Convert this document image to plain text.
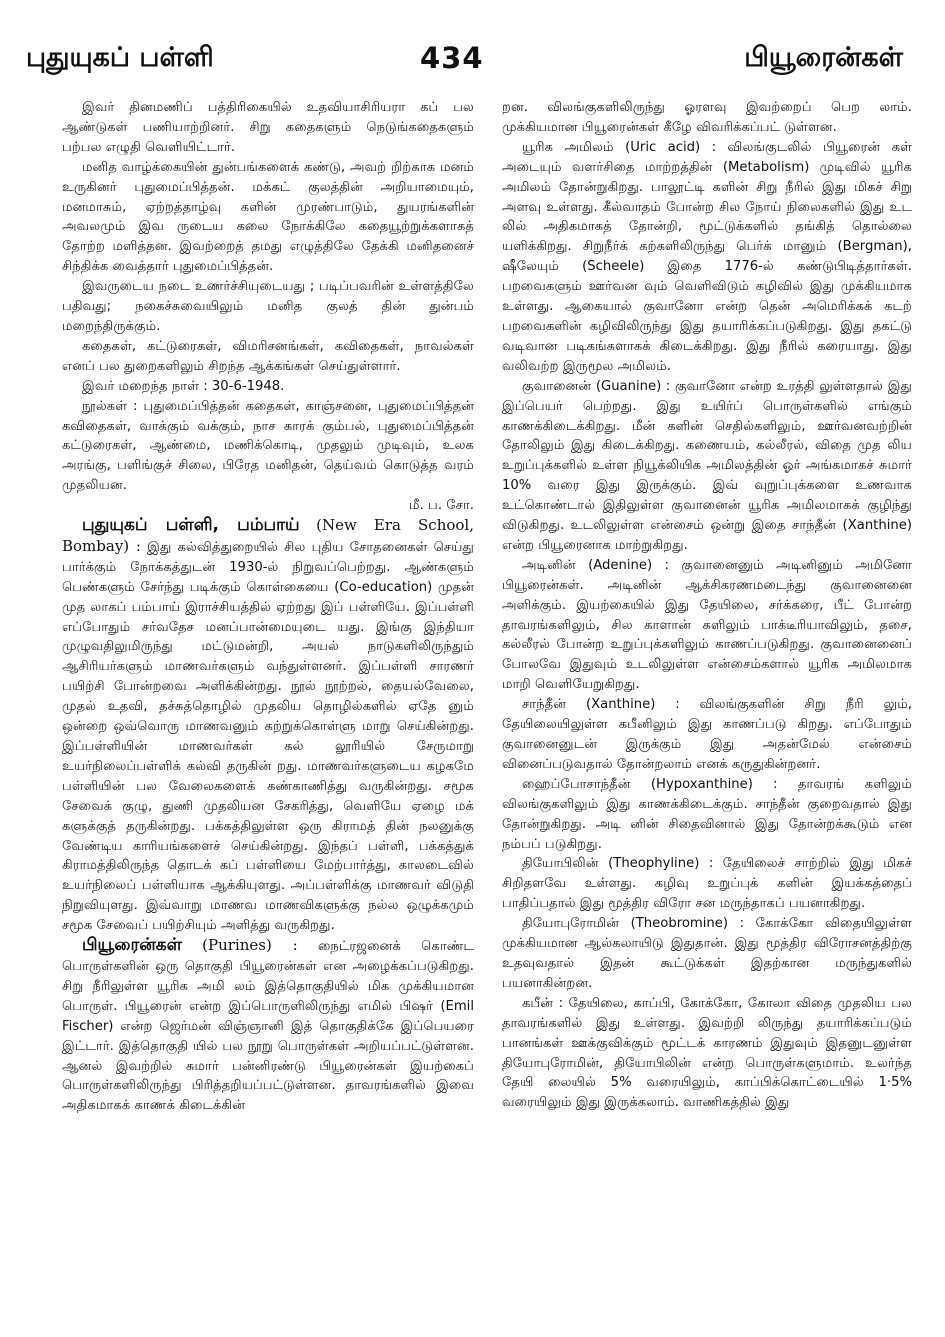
புதுயுகப் பள்ளி	434	பியூரைன்கள்

இவர் தினமணிப் பத்திரிகையில் உதவியாசிரியரா கப் பல ஆண்டுகள் பணியாற்றினர். சிறு கதைகளும் நெடுங்கதைகளும் பற்பல எழுதி வெளியிட்டார்.

மனித வாழ்க்கையின் துன்பங்களைக் கண்டு, அவற் றிற்காக மனம் உருகினர் புதுமைப்பித்தன். மக்கட் குலத்தின் அறியாமையும், மனமாசும், ஏற்றத்தாழ்வு களின் முரண்பாடும், துயரங்களின் அவலமும் இவ ருடைய கலை நோக்கிலே கதையூற்றுக்களாகத் தோற்ற மளித்தன. இவற்றைத் தமது எழுத்திலே தேக்கி மனிதனைச் சிந்திக்க வைத்தார் புதுமைப்பித்தன்.

இவருடைய நடை உணர்ச்சியுடையது ; படிப்பவரின் உள்ளத்திலே பதிவது; நகைச்சுவையிலும் மனித குலத் தின் துன்பம் மறைந்திருக்கும்.

கதைகள், கட்டுரைகள், விமரிசனங்கள், கவிதைகள், நாவல்கள் எனப் பல துறைகளிலும் சிறந்த ஆக்கங்கள் செய்துள்ளார்.

இவர் மறைந்த நாள் : 30-6-1948.

நூல்கள் : புதுமைப்பித்தன் கதைகள், காஞ்சனை, புதுமைப்பித்தன் கவிதைகள், வாக்கும் வக்கும், நாச காரக் கும்பல், புதுமைப்பித்தன் கட்டுரைகள், ஆண்மை, மணிக்கொடி, முதலும் முடிவும், உலக அரங்கு, பளிங்குச் சிலை, பிரேத மனிதன், தெய்வம் கொடுத்த வரம் முதலியன.

மீ. ப. சோ.

புதுயுகப் பள்ளி, பம்பாய் (New Era School, Bombay) : இது கல்வித்துறையில் சில புதிய சோதனைகள் செய்து பார்க்கும் நோக்கத்துடன் 1930-ல் நிறுவப்பெற்றது. ஆண்களும் பெண்களும் சேர்ந்து படிக்கும் கொள்கையை (Co-education) முதன் முத லாகப் பம்பாய் இராச்சியத்தில் ஏற்றது இப் பள்ளியே. இப்பள்ளி எப்போதும் சர்வதேச மனப்பான்மையுடை யது. இங்கு இந்தியா முழுவதிலுமிருந்து மட்டுமன்றி, அயல் நாடுகளிலிருந்தும் ஆசிரியர்களும் மாணவர்களும் வந்துள்ளனர். இப்பள்ளி சாரணர் பயிற்சி போன்றவை அளிக்கின்றது. நூல் நூற்றல், தையல்வேலை, முதல் உதவி, தச்சுத்தொழில் முதலிய தொழில்களில் ஏதே னும் ஒன்றை ஒவ்வொரு மாணவனும் கற்றுக்கொள்ளு மாறு செய்கின்றது. இப்பள்ளியின் மாணவர்கள் கல் லூரியில் சேருமாறு உயர்நிலைப்பள்ளிக் கல்வி தருகின் றது. மாணவர்களுடைய கழகமே பள்ளியின் பல வேலைகளைக் கண்காணித்து வருகின்றது. சமூக சேவைக் குழு, துணி முதலியன சேகரித்து, வெளியே ஏழை மக் களுக்குத் தருகின்றது. பக்கத்திலுள்ள ஒரு கிராமத் தின் நலனுக்கு வேண்டிய காரியங்களைச் செய்கின்றது. இந்தப் பள்ளி, பக்கத்துக் கிராமத்திலிருந்த தொடக் கப் பள்ளியை மேற்பார்த்து, காலடைவில் உயர்நிலைப் பள்ளியாக ஆக்கியுளது. அப்பள்ளிக்கு மாணவர் விடுதி நிறுவியுளது. இவ்வாறு மாணவ மாணவிகளுக்கு நல்ல ஒழுக்கமும் சமூக சேவைப் பயிற்சியும் அளித்து வருகிறது.

பியூரைன்கள் (Purines) : நைட்ரஜனைக் கொண்ட பொருள்களின் ஒரு தொகுதி பியூரைன்கள் என அழைக்கப்படுகிறது. சிறு நீரிலுள்ள யூரிக அமி லம் இத்தொகுதியில் மிக முக்கியமான பொருள். பியூரைன் என்ற இப்பொருளிலிருந்து எமில் பிஷர் (Emil Fischer) என்ற ஜெர்மன் விஞ்ஞானி இத் தொகுதிக்கே இப்பெயரை இட்டார். இத்தொகுதி யில் பல நூறு பொருள்கள் அறியப்பட்டுள்ளன. ஆனல் இவற்றில் சுமார் பன்னிரண்டு பியூரைன்கள் இயற்கைப் பொருள்களிலிருந்து பிரித்தறியப்பட்டுள்ளன. தாவரங்களில் இவை அதிகமாகக் காணக் கிடைக்கின்

றன. விலங்குகளிலிருந்து ஓரளவு இவற்றைப் பெற லாம். முக்கியமான பியூரைன்கள் கீழே விவரிக்கப்பட் டுள்ளன.

யூரிக அமிலம் (Uric acid) : விலங்குடலில் பியூரைன் கள் அடையும் வளர்சிதை மாற்றத்தின் (Metabolism) முடிவில் யூரிக அமிலம் தோன்றுகிறது. பாலூட்டி களின் சிறு நீரில் இது மிகச் சிறு அளவு உள்ளது. கீல்வாதம் போன்ற சில நோய் நிலைகளில் இது உட லில் அதிகமாகத் தோன்றி, மூட்டுக்களில் தங்கித் தொல்லை யளிக்கிறது. சிறுநீர்க் கற்களிலிருந்து பெர்க் மானும் (Bergman), ஷீலேயும் (Scheele) இதை 1776-ல் கண்டுபிடித்தார்கள். பறவைகளும் ஊர்வன வும் வெளிவிடும் கழிவில் இது முக்கியமாக உள்ளது. ஆகையால் குவானோ என்ற தென் அமெரிக்கக் கடற் பறவைகளின் கழிவிலிருந்து இது தயாரிக்கப்படுகிறது. இது தகட்டு வடிவான படிகங்களாகக் கிடைக்கிறது. இது நீரில் கரையாது. இது வலிவற்ற இருமூல அமிலம்.

குவானைன் (Guanine) : குவானோ என்ற உரத்தி லுள்ளதால் இது இப்பெயர் பெற்றது. இது உயிர்ப் பொருள்களில் எங்கும் காணக்கிடைக்கிறது. மீன் களின் செதில்களிலும், ஊர்வனவற்றின் தோலிலும் இது கிடைக்கிறது. கணையம், கல்லீரல், விதை முத லிய உறுப்புக்களில் உள்ள நியூக்லியிக அமிலத்தின் ஓர் அங்கமாகச் சுமார் 10% வரை இது இருக்கும். இவ் வுறுப்புக்களை உணவாக உட்கொண்டால் இதிலுள்ள குவானைன் யூரிக அமிலமாகக் குழிந்து விடுகிறது. உடலிலுள்ள என்சைம் ஒன்று இதை சாந்தீன் (Xanthine) என்ற பியூரைனாக மாற்றுகிறது.

அடினின் (Adenine) : குவானைனும் அடினினும் அமினோ பியூரைன்கள். அடினின் ஆக்சிகரணமடைந்து குவானைனை அளிக்கும். இயற்கையில் இது தேயிலை, சர்க்கரை, பீட் போன்ற தாவரங்களிலும், சில காளான் களிலும் பாக்டீரியாவிலும், தசை, கல்லீரல் போன்ற உறுப்புக்களிலும் காணப்படுகிறது. குவானைனைப் போலவே இதுவும் உடலிலுள்ள என்சைம்களால் யூரிக அமிலமாக மாறி வெளியேறுகிறது.

சாந்தீன் (Xanthine) : விலங்குகளின் சிறு நீரி லும், தேயிலையிலுள்ள கபீனிலும் இது காணப்படு கிறது. எப்போதும் குவானைனுடன் இருக்கும் இது அதன்மேல் என்சைம் வினைப்படுவதால் தோன்றலாம் எனக் கருதுகின்றனர்.

ஹைப்போசாந்தீன் (Hypoxanthine) : தாவரங் களிலும் விலங்குகளிலும் இது காணக்கிடைக்கும். சாந்தீன் குறைவதால் இது தோன்றுகிறது. அடி னின் சிதைவினால் இது தோன்றக்கூடும் என நம்பப் படுகிறது.

தியோபிலின் (Theophyline) : தேயிலைச் சாற்றில் இது மிகச் சிறிதளவே உள்ளது. கழிவு உறுப்புக் களின் இயக்கத்தைப் பாதிப்பதால் இது மூத்திர விரோ சன மருந்தாகப் பயனாகிறது.

தியோபுரோமின் (Theobromine) : கோக்கோ விதையிலுள்ள முக்கியமான ஆல்கலாயிடு இதுதான். இது மூத்திர விரோசனத்திற்கு உதவுவதால் இதன் கூட்டுக்கள் இதற்கான மருந்துகளில் பயனாகின்றன.

கபீன் : தேயிலை, காப்பி, கோக்கோ, கோலா விதை முதலிய பல தாவரங்களில் இது உள்ளது. இவற்றி லிருந்து தயாரிக்கப்படும் பானங்கள் ஊக்குவிக்கும் மூட்டக் காரணம் இதுவும் இதனுடனுள்ள தியோபுரோமின், தியோபிலின் என்ற பொருள்களுமாம். உலர்ந்த தேயி லையில் 5% வரையிலும், காப்பிக்கொட்டையில் 1·5% வரையிலும் இது இருக்கலாம். வாணிகத்தில் இது
